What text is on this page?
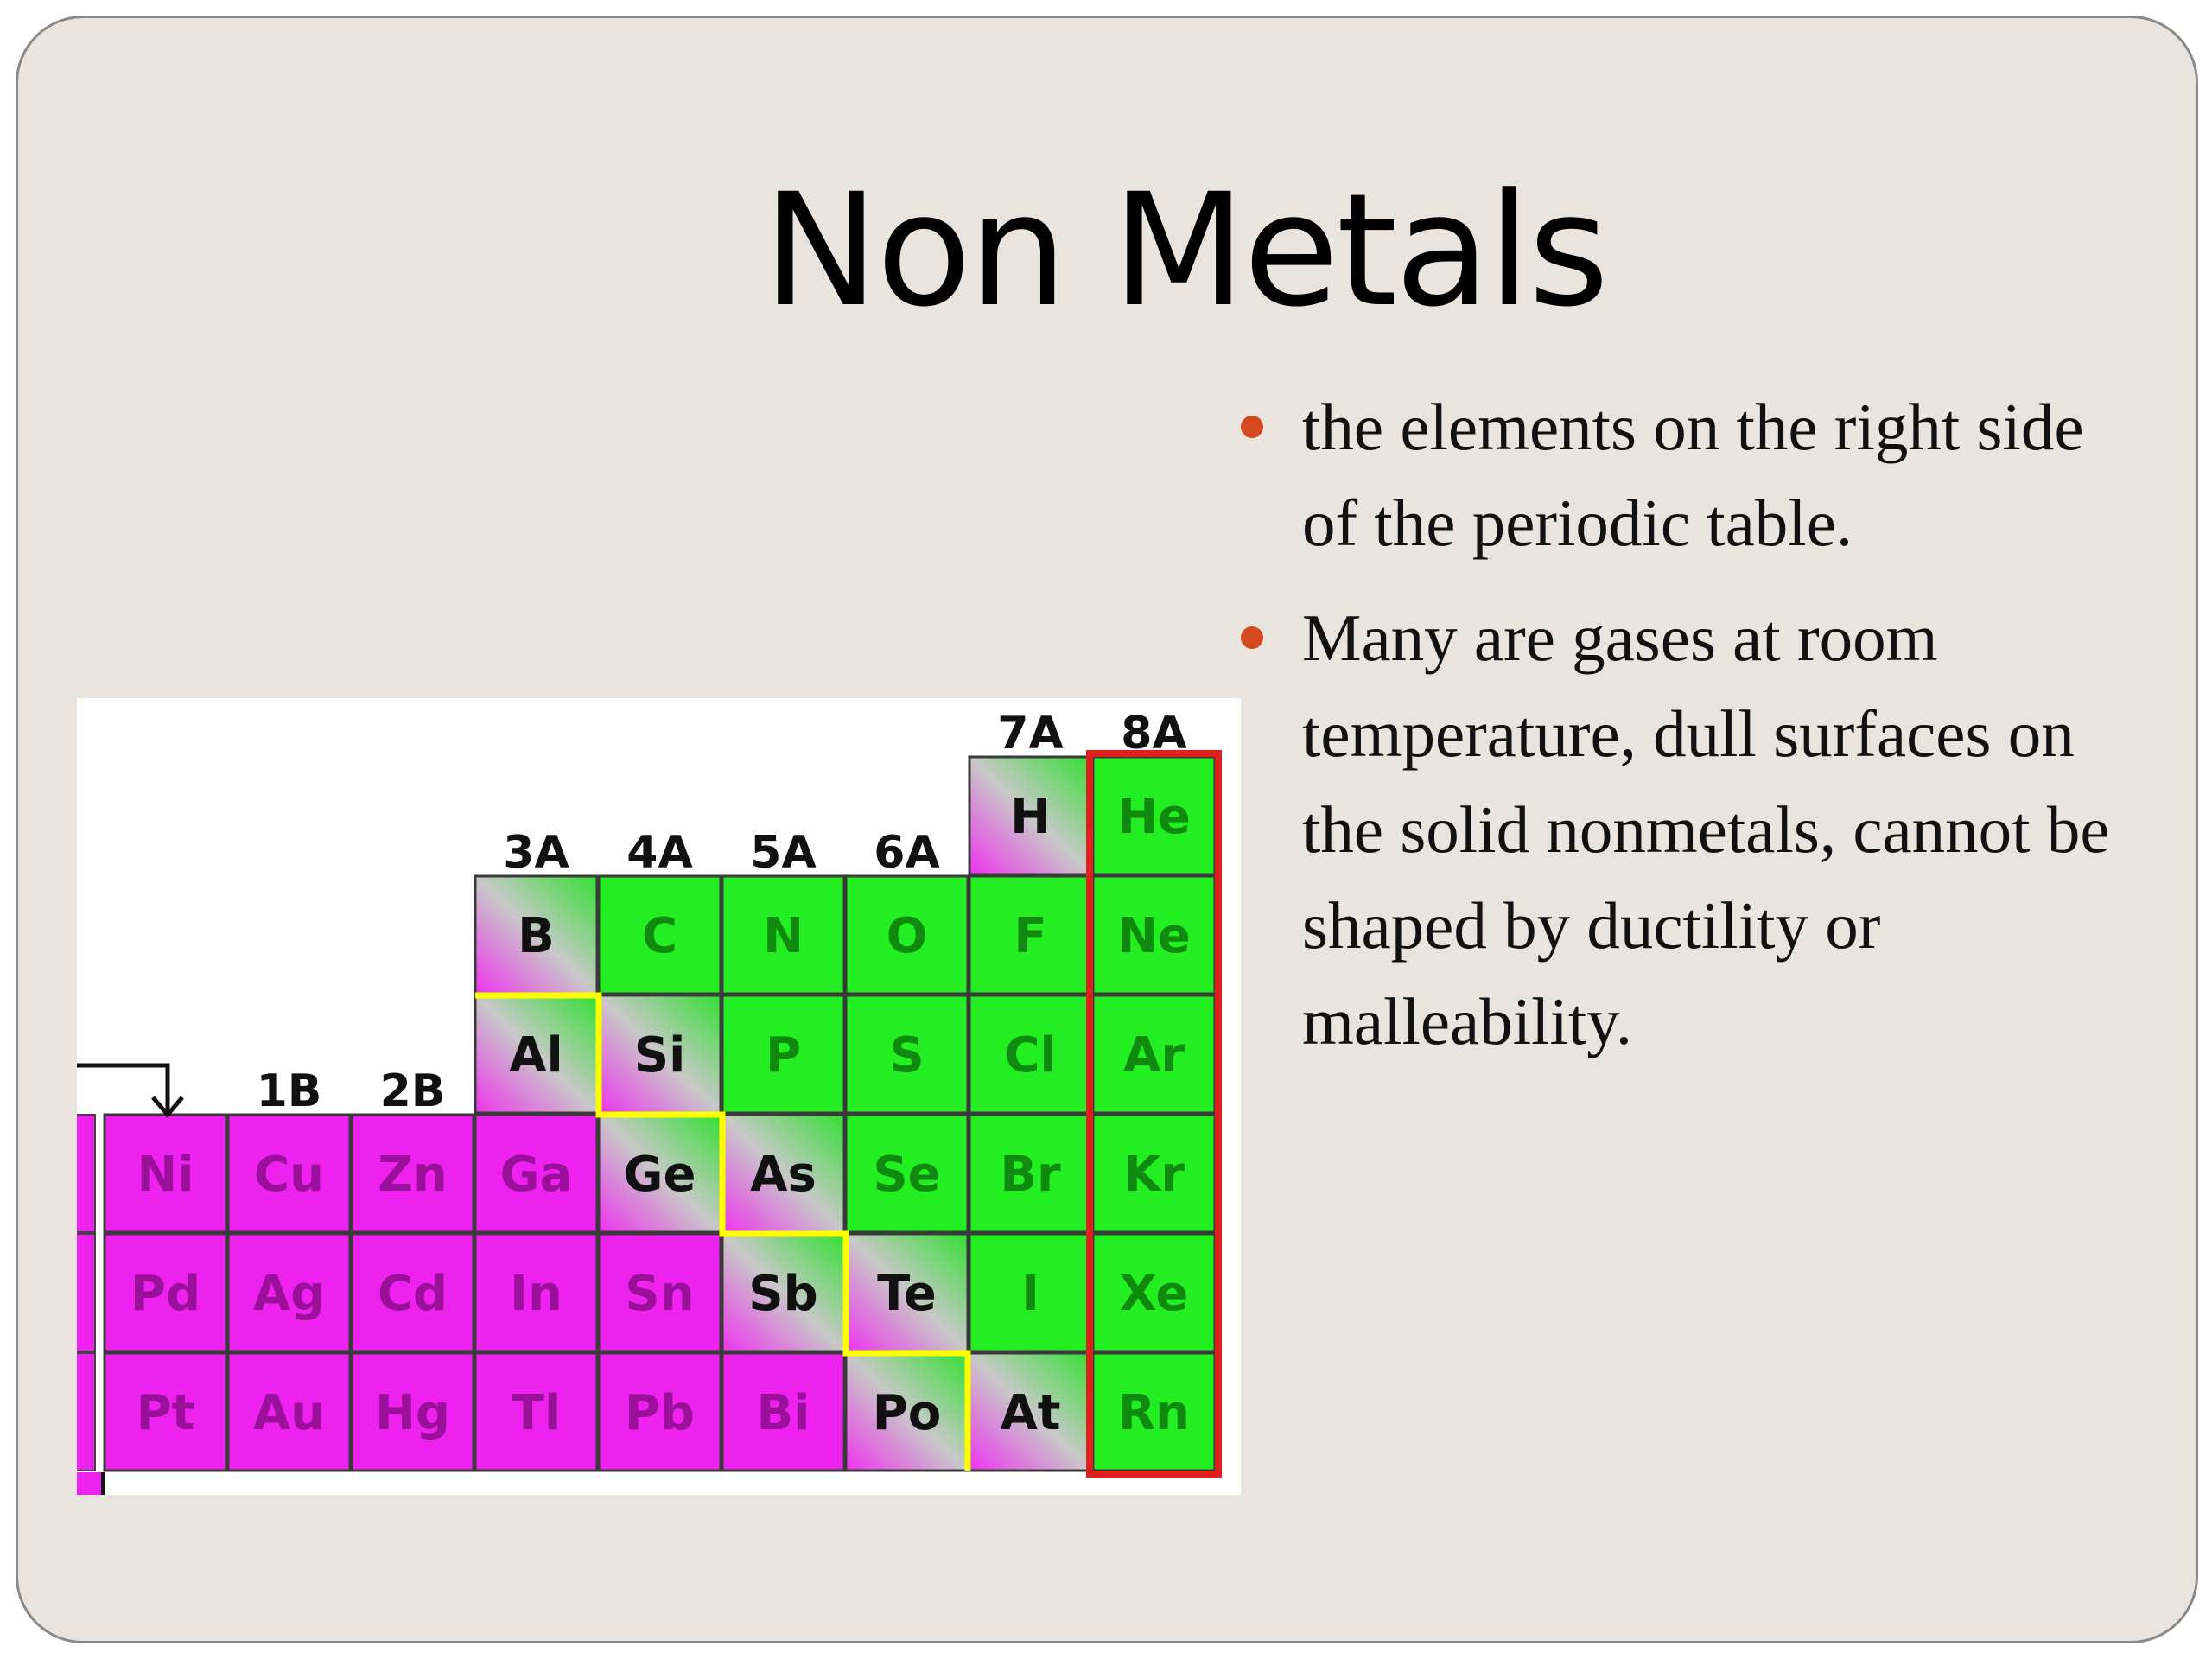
Non Metals
the elements on the right side of the periodic table.
Many are gases at room temperature, dull surfaces on the solid nonmetals, cannot be shaped by ductility or malleability.
H He
B C N O F Ne
Al Si P S Cl Ar
Ni Cu Zn Ga Ge As Se Br Kr
Pd Ag Cd In Sn Sb Te I Xe
Pt Au Hg Tl Pb Bi Po At Rn
1B 2B
3A 4A 5A 6A
7A 8A
